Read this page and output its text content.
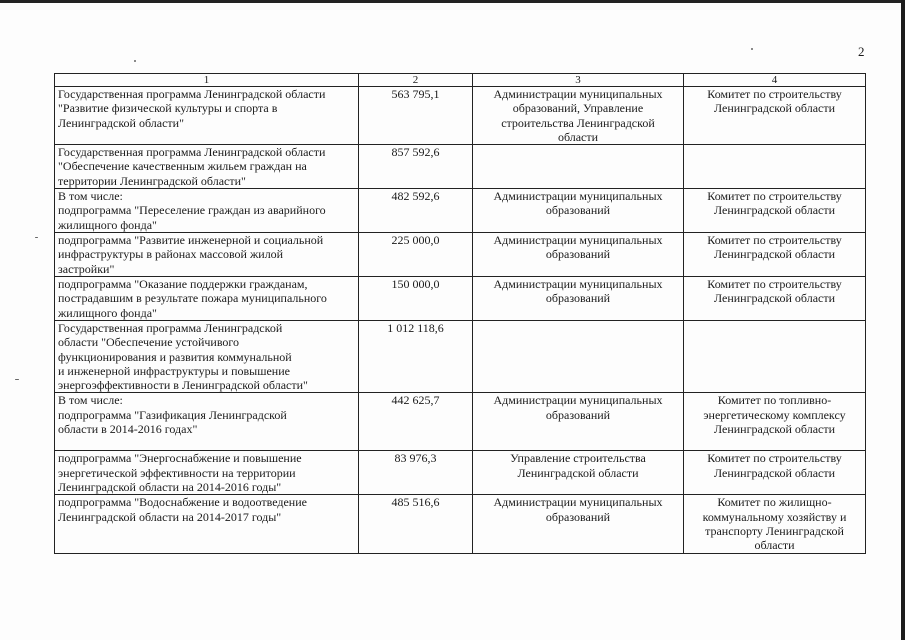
2
1	2	3	4

Государственная программа Ленинградской области
"Развитие физической культуры и спорта в
Ленинградской области"	563 795,1	Администрации муниципальных
образований, Управление
строительства Ленинградской
области	Комитет по строительству
Ленинградской области

Государственная программа Ленинградской области
"Обеспечение качественным жильем граждан на
территории Ленинградской области"	857 592,6		

В том числе:
подпрограмма "Переселение граждан из аварийного
жилищного фонда"	482 592,6	Администрации муниципальных
образований	Комитет по строительству
Ленинградской области

подпрограмма "Развитие инженерной и социальной
инфраструктуры в районах массовой жилой
застройки"	225 000,0	Администрации муниципальных
образований	Комитет по строительству
Ленинградской области

подпрограмма "Оказание поддержки гражданам,
пострадавшим в результате пожара муниципального
жилищного фонда"	150 000,0	Администрации муниципальных
образований	Комитет по строительству
Ленинградской области

Государственная программа Ленинградской
области "Обеспечение устойчивого
функционирования и развития коммунальной
и инженерной инфраструктуры и повышение
энергоэффективности в Ленинградской области"	1 012 118,6		

В том числе:
подпрограмма "Газификация Ленинградской
области в 2014-2016 годах"	442 625,7	Администрации муниципальных
образований	Комитет по топливно-
энергетическому комплексу
Ленинградской области

подпрограмма "Энергоснабжение и повышение
энергетической эффективности на территории
Ленинградской области на 2014-2016 годы"	83 976,3	Управление строительства
Ленинградской области	Комитет по строительству
Ленинградской области

подпрограмма "Водоснабжение и водоотведение
Ленинградской области на 2014-2017 годы"	485 516,6	Администрации муниципальных
образований	Комитет по жилищно-
коммунальному хозяйству и
транспорту Ленинградской
области
